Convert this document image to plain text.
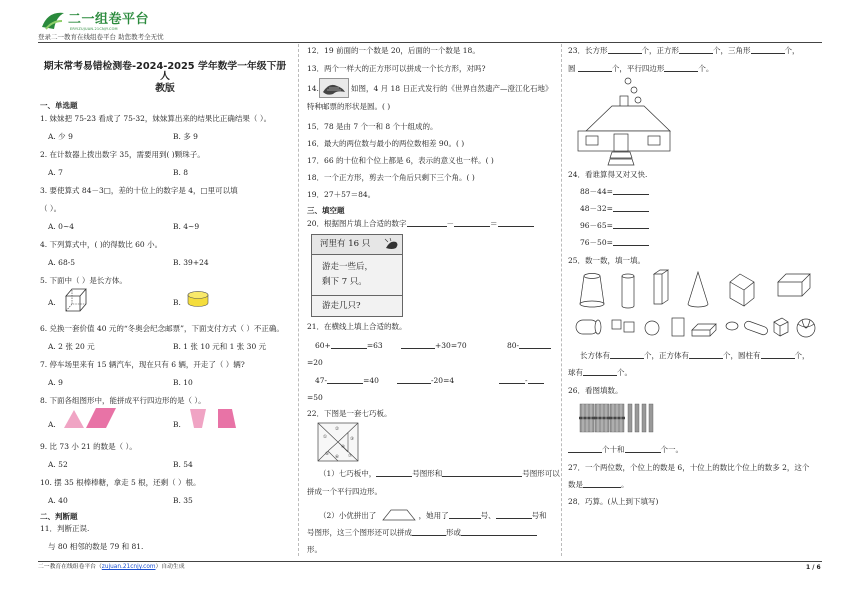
二一组卷平台
ERYIZUJUAN.21CNJY.COM
登录二一教育在线组卷平台 助您教考全无忧
期末常考易错检测卷-2024-2025 学年数学一年级下册人
教版
一、单选题
1. 妹妹把 75-23 看成了 75-32，妹妹算出来的结果比正确结果（ ）。
A. 少 9	B. 多 9
2. 在计数器上拨出数字 35，需要用到( )颗珠子。
A. 7	B. 8
3. 要使算式 84－3□，差的十位上的数字是 4，□里可以填
（ ）。
A. 0~4	B. 4~9
4. 下列算式中，( )的得数比 60 小。
A. 68-5	B. 39+24
5. 下面中（ ）是长方体。
A.	B.
6. 兑换一套价值 40 元的“冬奥会纪念邮票”，下面支付方式（ ）不正确。
A. 2 张 20 元	B. 1 张 10 元和 1 张 30 元
7. 停车场里来有 15 辆汽车，现在只有 6 辆，开走了（ ）辆?
A. 9	B. 10
8. 下面各组图形中，能拼成平行四边形的是（ ）。
A.	B.
9. 比 73 小 21 的数是（ ）。
A. 52	B. 54
10. 摆 35 根棒棒糖，拿走 5 根，还剩（ ）根。
A. 40	B. 35
二、判断题
11．判断正误.
与 80 相邻的数是 79 和 81.
12．19 前面的一个数是 20，后面的一个数是 18。
13．两个一样大的正方形可以拼成一个长方形，对吗?
14.	如图，4 月 18 日正式发行的《世界自然遗产—澄江化石地》
特种邮票的形状是圆。( )
15．78 是由 7 个一和 8 个十组成的。
16．最大的两位数与最小的两位数相差 90。( )
17．66 的十位和个位上都是 6，表示的意义也一样。( )
18．一个正方形，剪去一个角后只剩下三个角。( )
19．27＋57＝84。
三、填空题
20．根据图片填上合适的数字	－	＝
河里有 16 只
游走一些后，
剩下 7 只。
游走几只?
21．在横线上填上合适的数。
60+	=63	+30=70	80-
=20
47-	=40	-20=4	-
=50
22．下图是一套七巧板。
①
②
③
④
⑤
⑥ ⑦
（1）七巧板中，	号图形和	号图形可以
拼成一个平行四边形。
（2）小优拼出了	，她用了	号、	号和
号图形，这三个图形还可以拼成	形或
形。
23．长方形	个，正方形	个，三角形	个，
圆	个，平行四边形	个。
24．看谁算得又对又快.
88－44=
48－32=
96－65=
76－50=
25．数一数，填一填。
长方体有	个，正方体有	个，圆柱有	个，
球有	个。
26．看图填数。
个十和	个一。
27．一个两位数，个位上的数是 6，十位上的数比个位上的数多 2，这个
数是	。
28．巧算。(从上到下填写)
二一教育在线组卷平台（zujuan.21cnjy.com）自动生成	1 / 6
